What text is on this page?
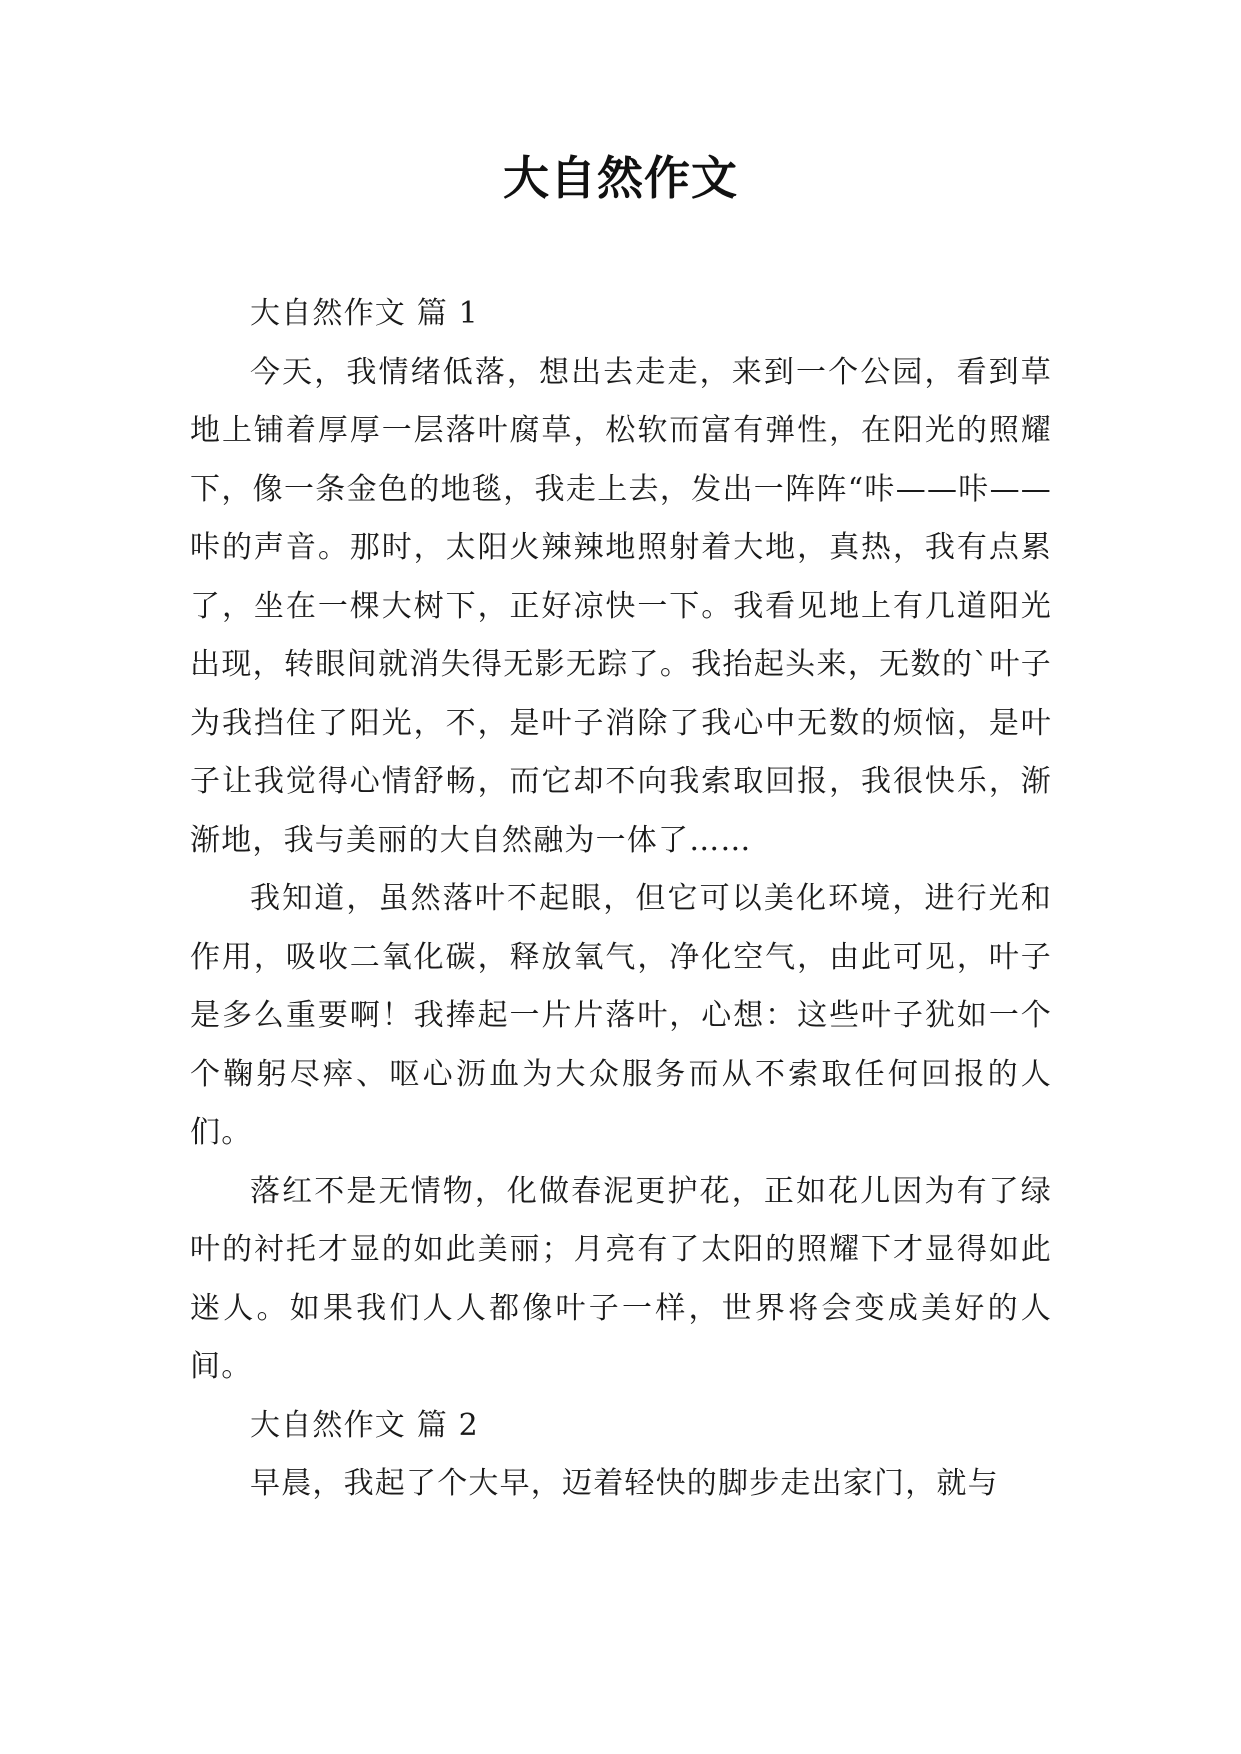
大自然作文

大自然作文 篇 1

今天，我情绪低落，想出去走走，来到一个公园，看到草地上铺着厚厚一层落叶腐草，松软而富有弹性，在阳光的照耀下，像一条金色的地毯，我走上去，发出一阵阵“咔——咔——咔的声音。那时，太阳火辣辣地照射着大地，真热，我有点累了，坐在一棵大树下，正好凉快一下。我看见地上有几道阳光出现，转眼间就消失得无影无踪了。我抬起头来，无数的`叶子为我挡住了阳光，不，是叶子消除了我心中无数的烦恼，是叶子让我觉得心情舒畅，而它却不向我索取回报，我很快乐，渐渐地，我与美丽的大自然融为一体了……

我知道，虽然落叶不起眼，但它可以美化环境，进行光和作用，吸收二氧化碳，释放氧气，净化空气，由此可见，叶子是多么重要啊！我捧起一片片落叶，心想：这些叶子犹如一个个鞠躬尽瘁、呕心沥血为大众服务而从不索取任何回报的人们。

落红不是无情物，化做春泥更护花，正如花儿因为有了绿叶的衬托才显的如此美丽；月亮有了太阳的照耀下才显得如此迷人。如果我们人人都像叶子一样，世界将会变成美好的人间。

大自然作文 篇 2

早晨，我起了个大早，迈着轻快的脚步走出家门，就与
